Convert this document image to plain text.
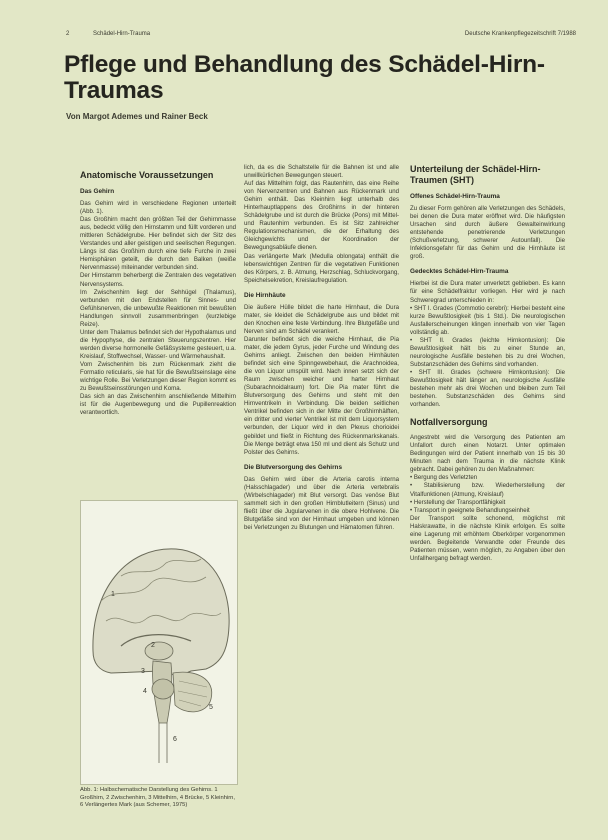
2	Schädel-Hirn-Trauma	Deutsche Krankenpflegezeitschrift 7/1988
Pflege und Behandlung des Schädel-Hirn-Traumas
Von Margot Ademes und Rainer Beck
Anatomische Voraussetzungen
Das Gehirn

Das Gehirn wird in verschiedene Regionen unterteilt (Abb. 1).

Das Großhirn macht den größten Teil der Gehirnmasse aus, bedeckt völlig den Hirnstamm und füllt vorderen und mittleren Schädelgrube. Hier befindet sich der Sitz des Verstandes und aller geistigen und seelischen Regungen. Längs ist das Großhirn durch eine tiefe Furche in zwei Hemisphären geteilt, die durch den Balken (weiße Nervenmasse) miteinander verbunden sind.

Der Hirnstamm beherbergt die Zentralen des vegetativen Nervensystems.

Im Zwischenhirn liegt der Sehhügel (Thalamus), verbunden mit den Endstellen für Sinnes- und Gefühlsnerven, die unbewußte Reaktionen mit bewußten Handlungen sinnvoll zusammenbringen (kurzlebige Reize).

Unter dem Thalamus befindet sich der Hypothalamus und die Hypophyse, die zentralen Steuerungszentren. Hier werden diverse hormonelle Gefäßsysteme gesteuert, u.a. Kreislauf, Stoffwechsel, Wasser- und Wärmehaushalt.

Vom Zwischenhirn bis zum Rückenmark zieht die Formatio reticularis, sie hat für die Bewußtseinslage eine wichtige Rolle. Bei Verletzungen dieser Region kommt es zu Bewußtseinsstörungen und Koma.

Das sich an das Zwischenhirn anschließende Mittelhirn ist für die Augenbewegung und die Pupillenreaktion verantwortlich.

1
2
3
4
5
6
Abb. 1: Halbschematische Darstellung des Gehirns. 1 Großhirn, 2 Zwischenhirn, 3 Mittelhirn, 4 Brücke, 5 Kleinhirn, 6 Verlängertes Mark (aus Schemer, 1975)

lich, da es die Schaltstelle für die Bahnen ist und alle unwillkürlichen Bewegungen steuert.

Auf das Mittelhirn folgt, das Rautenhirn, das eine Reihe von Nervenzentren und Bahnen aus Rückenmark und Gehirn enthält. Das Kleinhirn liegt unterhalb des Hinterhauptlappens des Großhirns in der hinteren Schädelgrube und ist durch die Brücke (Pons) mit Mittel- und Rautenhirn verbunden. Es ist Sitz zahlreicher Regulationsmechanismen, die der Erhaltung des Gleichgewichts und der Koordination der Bewegungsabläufe dienen.

Das verlängerte Mark (Medulla oblongata) enthält die lebenswichtigen Zentren für die vegetativen Funktionen des Körpers, z. B. Atmung, Herzschlag, Schluckvorgang, Speichelsekretion, Kreislaufregulation.

Die Hirnhäute

Die äußere Hülle bildet die harte Hirnhaut, die Dura mater, sie kleidet die Schädelgrube aus und bildet mit den Knochen eine feste Verbindung. Ihre Blutgefäße und Nerven sind am Schädel verankert.

Darunter befindet sich die weiche Hirnhaut, die Pia mater, die jedem Gyrus, jeder Furche und Windung des Gehirns anliegt. Zwischen den beiden Hirnhäuten befindet sich eine Spinngewebehaut, die Arachnoidea, die von Liquor umspült wird. Nach innen setzt sich der Raum zwischen weicher und harter Hirnhaut (Subarachnoidalraum) fort. Die Pia mater führt die Blutversorgung des Gehirns und steht mit den Hirnventrikeln in Verbindung. Die beiden seitlichen Ventrikel befinden sich in der Mitte der Großhirnhälften, ein dritter und vierter Ventrikel ist mit dem Liquorsystem verbunden, der Liquor wird in den Plexus chorioidei gebildet und fließt in Richtung des Rückenmarkskanals. Die Menge beträgt etwa 150 ml und dient als Schutz und Polster des Gehirns.

Die Blutversorgung des Gehirns

Das Gehirn wird über die Arteria carotis interna (Halsschlagader) und über die Arteria vertebralis (Wirbelschlagader) mit Blut versorgt. Das venöse Blut sammelt sich in den großen Hirnblutleitern (Sinus) und fließt über die Jugularvenen in die obere Hohlvene. Die Blutgefäße sind von der Hirnhaut umgeben und können bei Verletzungen zu Blutungen und Hämatomen führen.

Unterteilung der Schädel-Hirn-Traumen (SHT)
Offenes Schädel-Hirn-Trauma

Zu dieser Form gehören alle Verletzungen des Schädels, bei denen die Dura mater eröffnet wird. Die häufigsten Ursachen sind durch äußere Gewalteinwirkung entstehende penetrierende Verletzungen (Schußverletzung, schwerer Autounfall). Die Infektionsgefahr für das Gehirn und die Hirnhäute ist groß.

Gedecktes Schädel-Hirn-Trauma

Hierbei ist die Dura mater unverletzt geblieben. Es kann für eine Schädelfraktur vorliegen. Hier wird je nach Schweregrad unterschieden in:

• SHT I. Grades (Commotio cerebri): Hierbei besteht eine kurze Bewußtlosigkeit (bis 1 Std.). Die neurologischen Ausfallerscheinungen klingen innerhalb von vier Tagen vollständig ab.

• SHT II. Grades (leichte Hirnkontusion): Die Bewußtlosigkeit hält bis zu einer Stunde an, neurologische Ausfälle bestehen bis zu drei Wochen, Substanzschäden des Gehirns sind vorhanden.

• SHT III. Grades (schwere Hirnkontusion): Die Bewußtlosigkeit hält länger an, neurologische Ausfälle bestehen mehr als drei Wochen und bleiben zum Teil bestehen. Substanzschäden des Gehirns sind vorhanden.

Notfallversorgung

Angestrebt wird die Versorgung des Patienten am Unfallort durch einen Notarzt. Unter optimalen Bedingungen wird der Patient innerhalb von 15 bis 30 Minuten nach dem Trauma in die nächste Klinik gebracht. Dabei gehören zu den Maßnahmen:

• Bergung des Verletzten

• Stabilisierung bzw. Wiederherstellung der Vitalfunktionen (Atmung, Kreislauf)

• Herstellung der Transportfähigkeit

• Transport in geeignete Behandlungseinheit

Der Transport sollte schonend, möglichst mit Halskrawatte, in die nächste Klinik erfolgen. Es sollte eine Lagerung mit erhöhtem Oberkörper vorgenommen werden. Begleitende Verwandte oder Freunde des Patienten müssen, wenn möglich, zu Angaben über den Unfallhergang befragt werden.
